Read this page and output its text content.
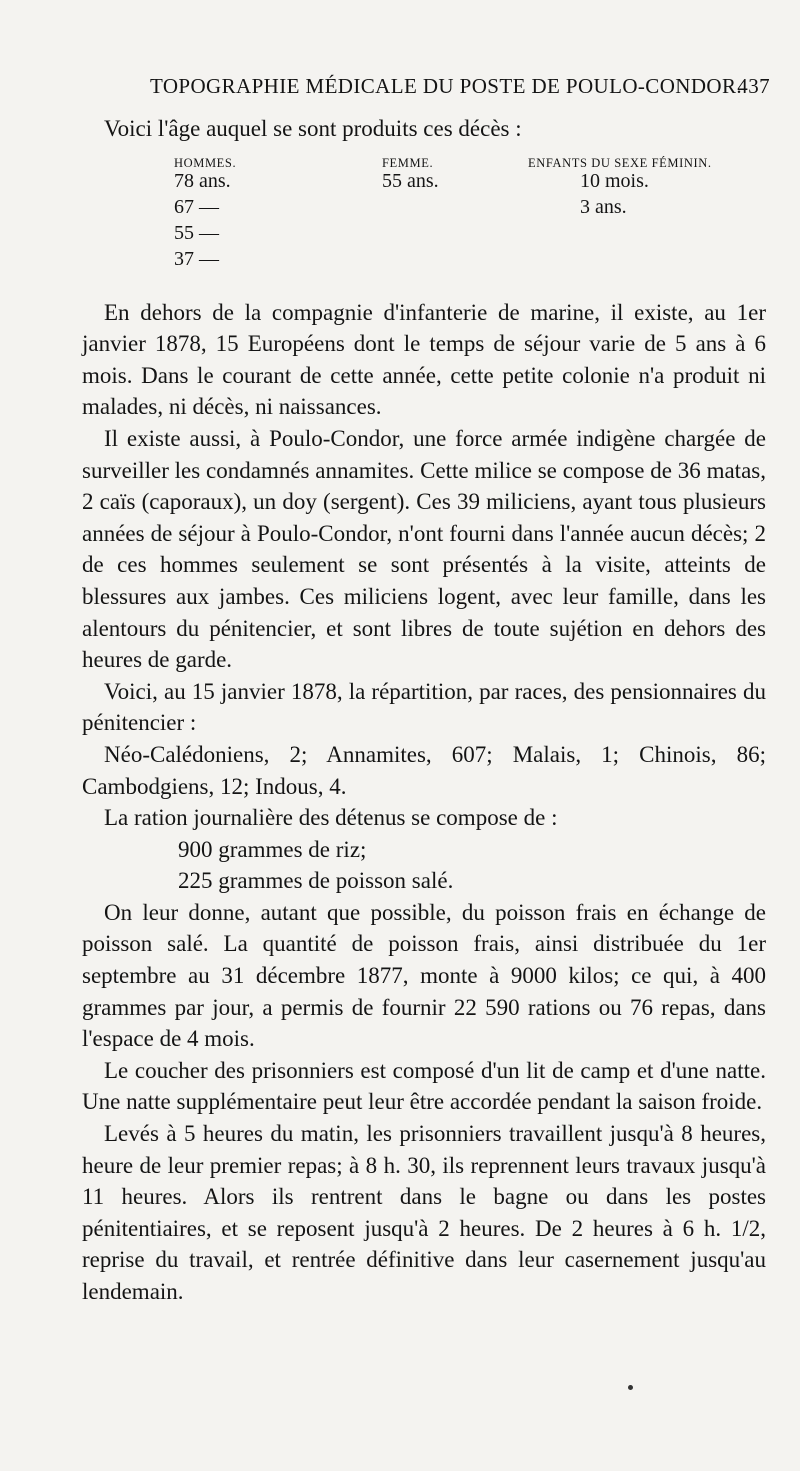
TOPOGRAPHIE MÉDICALE DU POSTE DE POULO-CONDOR.
437

Voici l'âge auquel se sont produits ces décès :

HOMMES.
78 ans.
67 —
55 —
37 —
FEMME.
55 ans.
ENFANTS DU SEXE FÉMININ.
10 mois.
3 ans.

En dehors de la compagnie d'infanterie de marine, il existe, au 1er janvier 1878, 15 Européens dont le temps de séjour varie de 5 ans à 6 mois. Dans le courant de cette année, cette petite colonie n'a produit ni malades, ni décès, ni naissances.

Il existe aussi, à Poulo-Condor, une force armée indigène chargée de surveiller les condamnés annamites. Cette milice se compose de 36 matas, 2 caïs (caporaux), un doy (sergent). Ces 39 miliciens, ayant tous plusieurs années de séjour à Poulo-Condor, n'ont fourni dans l'année aucun décès; 2 de ces hommes seulement se sont présentés à la visite, atteints de blessures aux jambes. Ces miliciens logent, avec leur famille, dans les alentours du pénitencier, et sont libres de toute sujétion en dehors des heures de garde.

Voici, au 15 janvier 1878, la répartition, par races, des pensionnaires du pénitencier :

Néo-Calédoniens, 2; Annamites, 607; Malais, 1; Chinois, 86; Cambodgiens, 12; Indous, 4.

La ration journalière des détenus se compose de :

900 grammes de riz;

225 grammes de poisson salé.

On leur donne, autant que possible, du poisson frais en échange de poisson salé. La quantité de poisson frais, ainsi distribuée du 1er septembre au 31 décembre 1877, monte à 9000 kilos; ce qui, à 400 grammes par jour, a permis de fournir 22 590 rations ou 76 repas, dans l'espace de 4 mois.

Le coucher des prisonniers est composé d'un lit de camp et d'une natte. Une natte supplémentaire peut leur être accordée pendant la saison froide.

Levés à 5 heures du matin, les prisonniers travaillent jusqu'à 8 heures, heure de leur premier repas; à 8 h. 30, ils reprennent leurs travaux jusqu'à 11 heures. Alors ils rentrent dans le bagne ou dans les postes pénitentiaires, et se reposent jusqu'à 2 heures. De 2 heures à 6 h. 1/2, reprise du travail, et rentrée définitive dans leur casernement jusqu'au lendemain.
